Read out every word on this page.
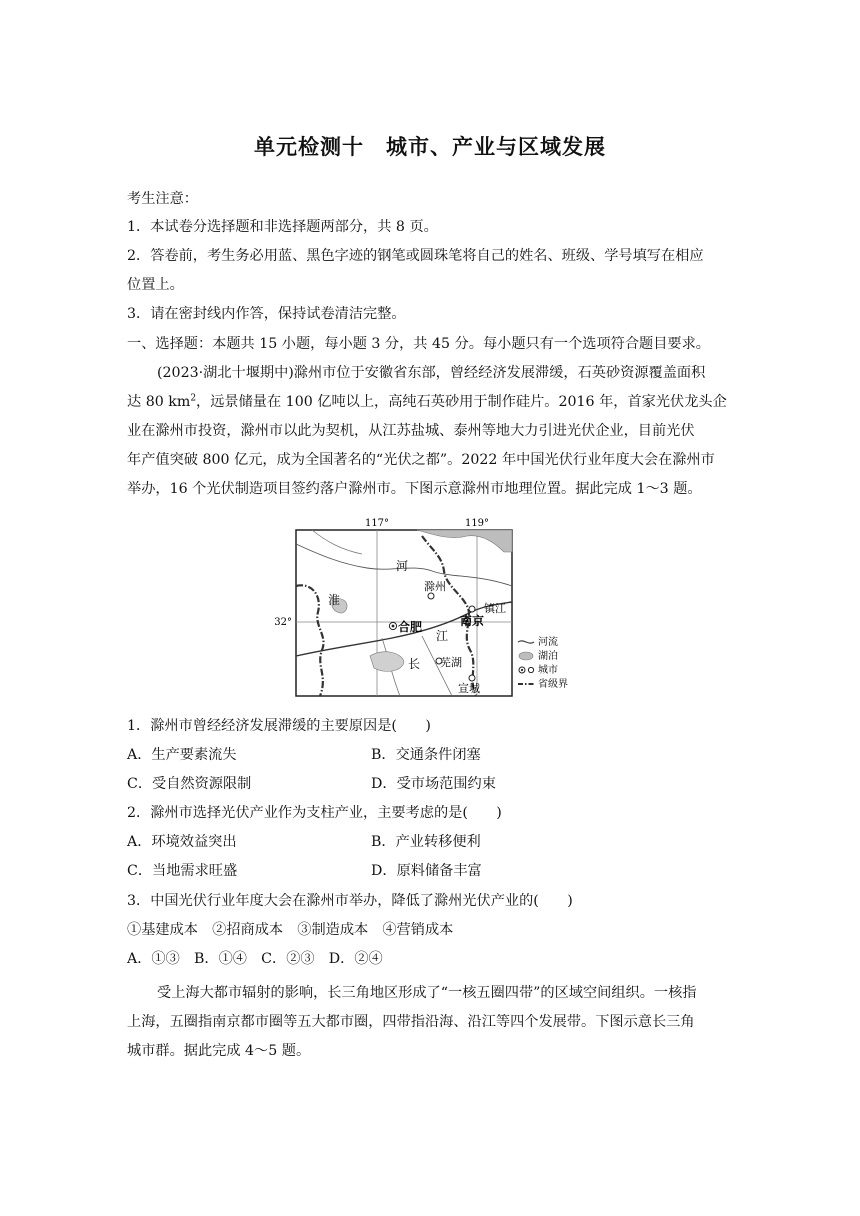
单元检测十　城市、产业与区域发展
考生注意：
1．本试卷分选择题和非选择题两部分，共 8 页。
2．答卷前，考生务必用蓝、黑色字迹的钢笔或圆珠笔将自己的姓名、班级、学号填写在相应
位置上。
3．请在密封线内作答，保持试卷清洁完整。
一、选择题：本题共 15 小题，每小题 3 分，共 45 分。每小题只有一个选项符合题目要求。
(2023·湖北十堰期中)滁州市位于安徽省东部，曾经经济发展滞缓，石英砂资源覆盖面积
达 80 $km^2$，远景储量在 100 亿吨以上，高纯石英砂用于制作硅片。2016 年，首家光伏龙头企
业在滁州市投资，滁州市以此为契机，从江苏盐城、泰州等地大力引进光伏企业，目前光伏
年产值突破 800 亿元，成为全国著名的“光伏之都”。2022 年中国光伏行业年度大会在滁州市
举办，16 个光伏制造项目签约落户滁州市。下图示意滁州市地理位置。据此完成 1～3 题。
117°	119°
32°
河
滁州
淮
镇江
合肥	南京
江
长 芜湖
宣城
河流
湖泊
城市
省级界
1．滁州市曾经经济发展滞缓的主要原因是(　　)
A．生产要素流失	B．交通条件闭塞
C．受自然资源限制	D．受市场范围约束
2．滁州市选择光伏产业作为支柱产业，主要考虑的是(　　)
A．环境效益突出	B．产业转移便利
C．当地需求旺盛	D．原料储备丰富
3．中国光伏行业年度大会在滁州市举办，降低了滁州光伏产业的(　　)
①基建成本　②招商成本　③制造成本　④营销成本
A．①③　B．①④　C．②③　D．②④
受上海大都市辐射的影响，长三角地区形成了“一核五圈四带”的区域空间组织。一核指
上海，五圈指南京都市圈等五大都市圈，四带指沿海、沿江等四个发展带。下图示意长三角
城市群。据此完成 4～5 题。
